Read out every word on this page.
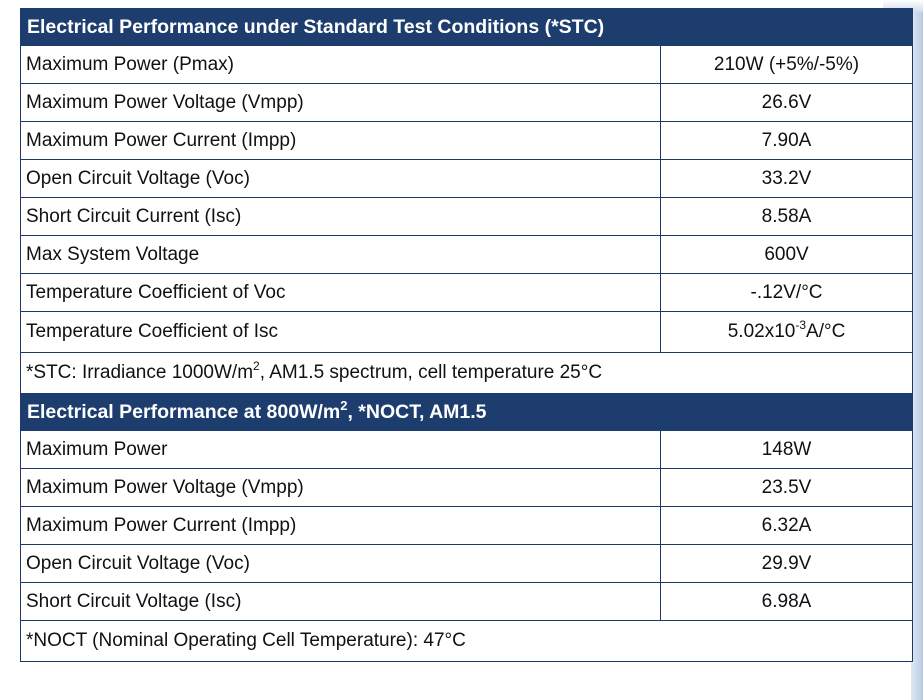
Electrical Performance under Standard Test Conditions (*STC)	
Maximum Power (Pmax)	210W (+5%/-5%)
Maximum Power Voltage (Vmpp)	26.6V
Maximum Power Current (Impp)	7.90A
Open Circuit Voltage (Voc)	33.2V
Short Circuit Current (Isc)	8.58A
Max System Voltage	600V
Temperature Coefficient of Voc	-.12V/°C
Temperature Coefficient of Isc	$5.02x10^{-3}A/^\circ C$
*STC: Irradiance $1000W/m^2$, AM1.5 spectrum, cell temperature 25°C	
Electrical Performance at $800W/m^2$, *NOCT, AM1.5	
Maximum Power	148W
Maximum Power Voltage (Vmpp)	23.5V
Maximum Power Current (Impp)	6.32A
Open Circuit Voltage (Voc)	29.9V
Short Circuit Voltage (Isc)	6.98A
*NOCT (Nominal Operating Cell Temperature): 47°C	
